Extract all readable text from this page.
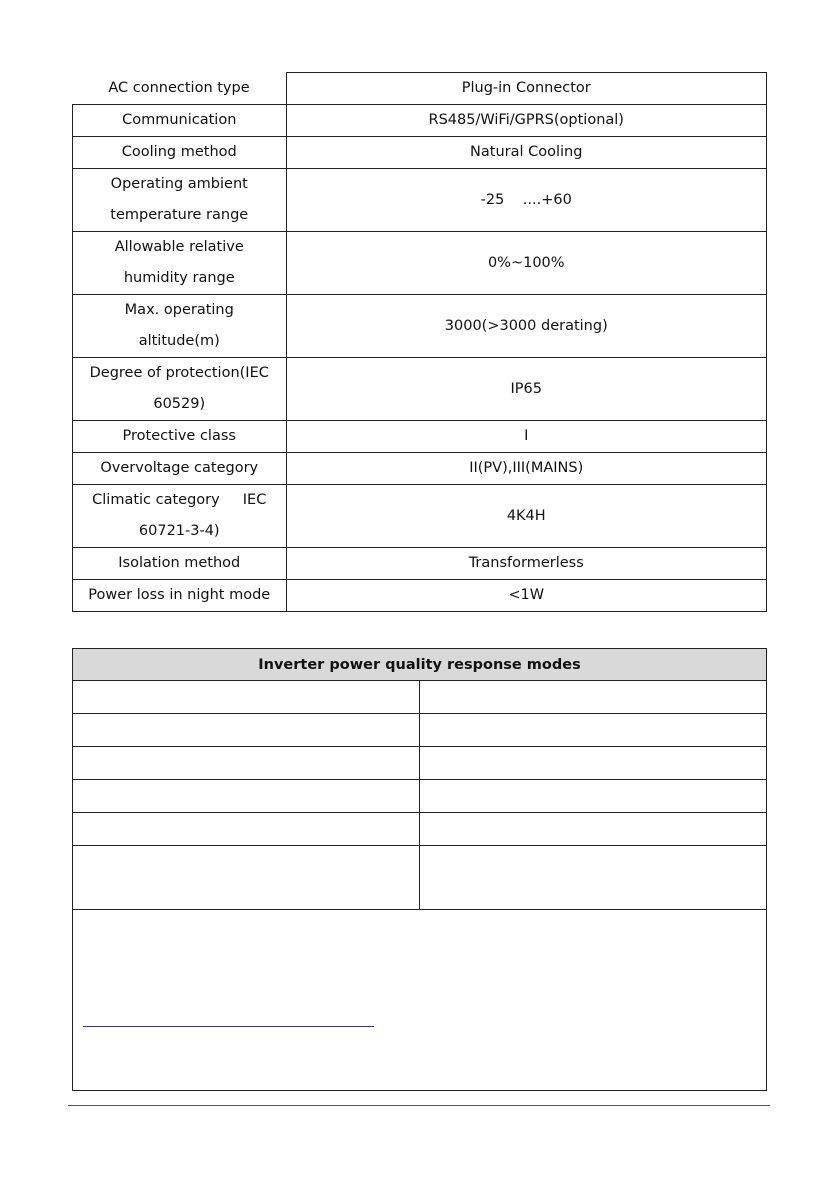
AC connection type	Plug-in Connector
Communication	RS485/WiFi/GPRS(optional)
Cooling method	Natural Cooling
Operating ambient
temperature range	-25    ....+60
Allowable relative
humidity range	0%~100%
Max. operating
altitude(m)	3000(>3000 derating)
Degree of protection(IEC
60529)	IP65
Protective class	I
Overvoltage category	II(PV),III(MAINS)
Climatic category     IEC
60721-3-4)	4K4H
Isolation method	Transformerless
Power loss in night mode	<1W
Inverter power quality response modes	
